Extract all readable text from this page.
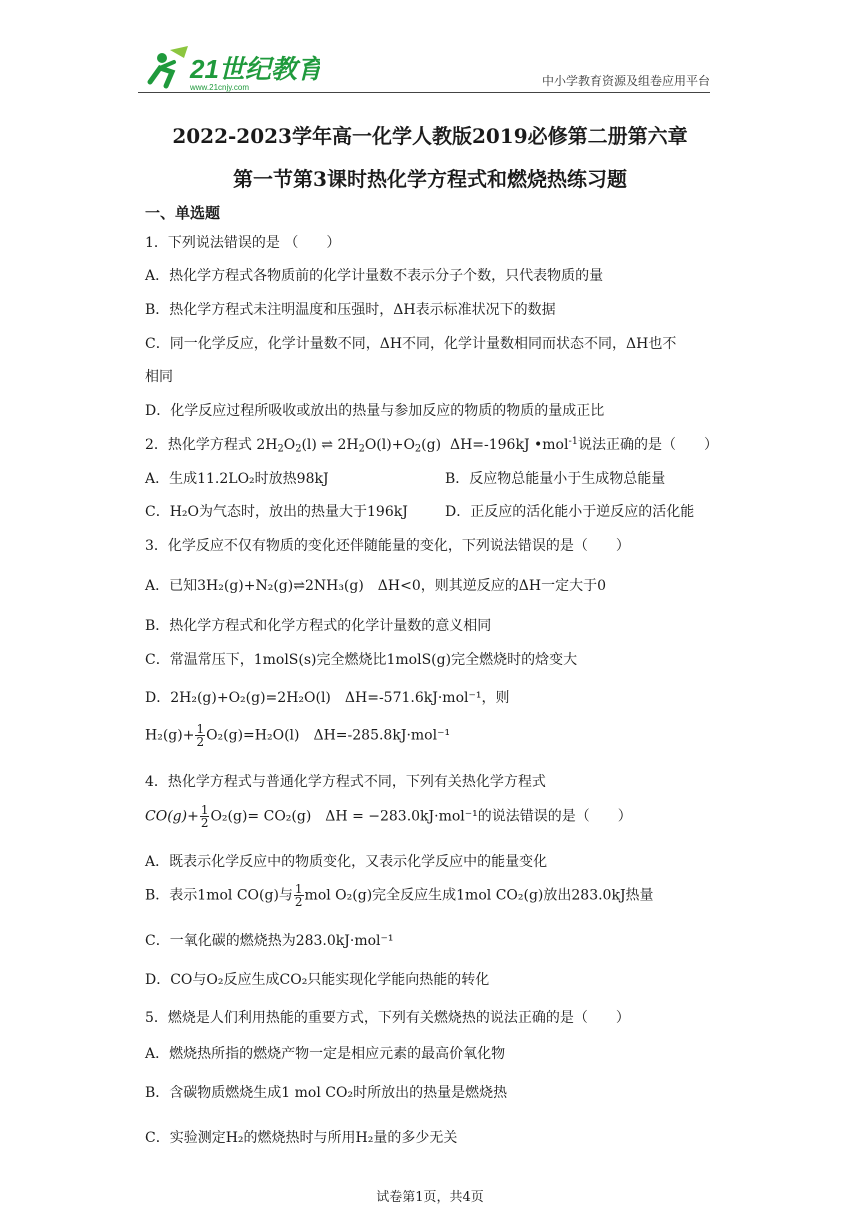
21世纪教育
www.21cnjy.com	中小学教育资源及组卷应用平台
2022-2023学年高一化学人教版2019必修第二册第六章
第一节第3课时热化学方程式和燃烧热练习题
一、单选题
1．下列说法错误的是 （　　）
A．热化学方程式各物质前的化学计量数不表示分子个数，只代表物质的量
B．热化学方程式未注明温度和压强时，ΔH表示标准状况下的数据
C．同一化学反应，化学计量数不同，ΔH不同，化学计量数相同而状态不同，ΔH也不
相同
D．化学反应过程所吸收或放出的热量与参加反应的物质的物质的量成正比
2．热化学方程式 $2H_2O_2(l)$ ⇌ $2H_2O(l)+O_2(g)$ ΔH=-196kJ •mol$^{-1}$说法正确的是（　　）
A．生成11.2LO₂时放热98kJ	B．反应物总能量小于生成物总能量
C．H₂O为气态时，放出的热量大于196kJ	D．正反应的活化能小于逆反应的活化能
3．化学反应不仅有物质的变化还伴随能量的变化，下列说法错误的是（　　）
A．已知3H₂(g)+N₂(g)⇌2NH₃(g)　ΔH<0，则其逆反应的ΔH一定大于0
B．热化学方程式和化学方程式的化学计量数的意义相同
C．常温常压下，1molS(s)完全燃烧比1molS(g)完全燃烧时的焓变大
D．2H₂(g)+O₂(g)=2H₂O(l)　ΔH=-571.6kJ·mol⁻¹，则
$H_2(g)+ \frac{1}{2} O_2(g)=H_2O(l)$　ΔH=-285.8kJ·mol⁻¹
4．热化学方程式与普通化学方程式不同，下列有关热化学方程式
$CO(g)+ \frac{1}{2} O_2(g)= CO_2(g)$　ΔH = −283.0kJ·mol⁻¹的说法错误的是（　　）
A．既表示化学反应中的物质变化，又表示化学反应中的能量变化
B．表示1mol CO(g)与 $\frac{1}{2}$ mol O₂(g)完全反应生成1mol CO₂(g)放出283.0kJ热量
C．一氧化碳的燃烧热为283.0kJ·mol⁻¹
D．CO与O₂反应生成CO₂只能实现化学能向热能的转化
5．燃烧是人们利用热能的重要方式，下列有关燃烧热的说法正确的是（　　）
A．燃烧热所指的燃烧产物一定是相应元素的最高价氧化物
B．含碳物质燃烧生成1 mol CO₂时所放出的热量是燃烧热
C．实验测定H₂的燃烧热时与所用H₂量的多少无关
试卷第1页，共4页
